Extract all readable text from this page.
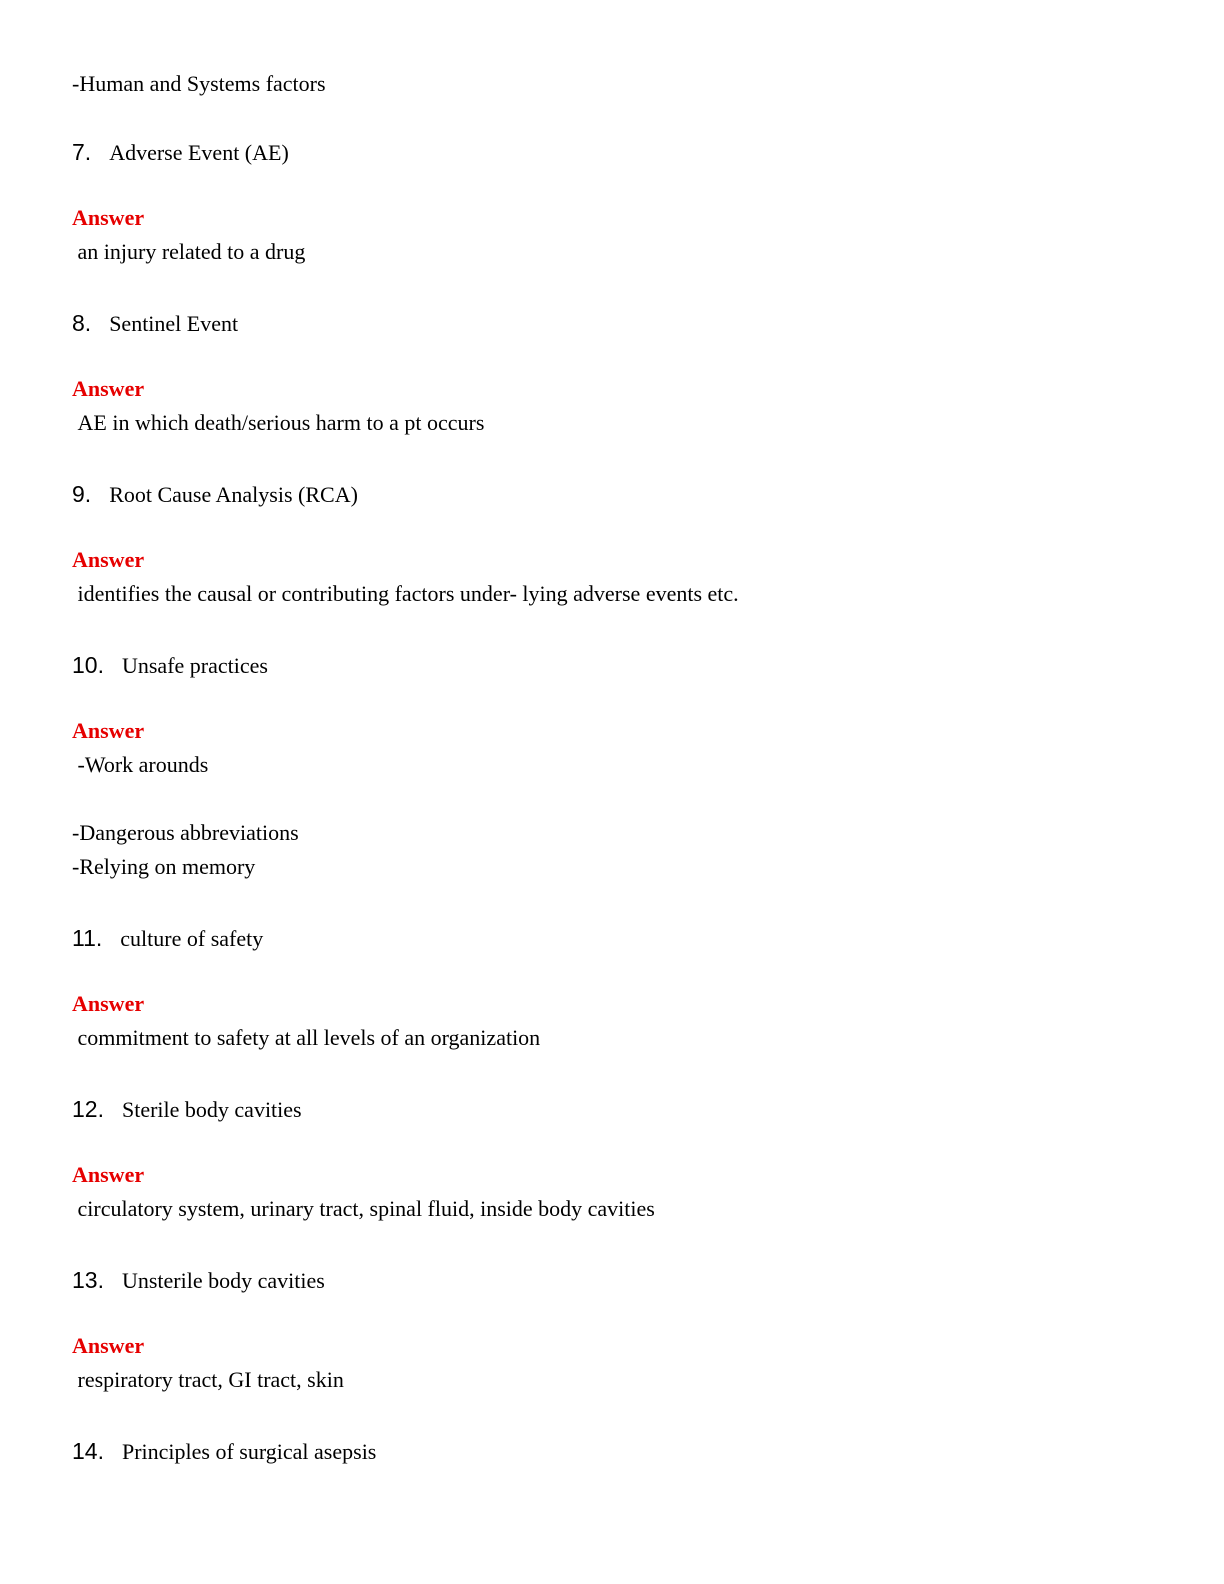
-Human and Systems factors

7. Adverse Event (AE)

Answer

an injury related to a drug

8. Sentinel Event

Answer

AE in which death/serious harm to a pt occurs

9. Root Cause Analysis (RCA)

Answer

identifies the causal or contributing factors under- lying adverse events etc.

10. Unsafe practices

Answer

-Work arounds

-Dangerous abbreviations

-Relying on memory

11. culture of safety

Answer

commitment to safety at all levels of an organization

12. Sterile body cavities

Answer

circulatory system, urinary tract, spinal fluid, inside body cavities

13. Unsterile body cavities

Answer

respiratory tract, GI tract, skin

14. Principles of surgical asepsis
